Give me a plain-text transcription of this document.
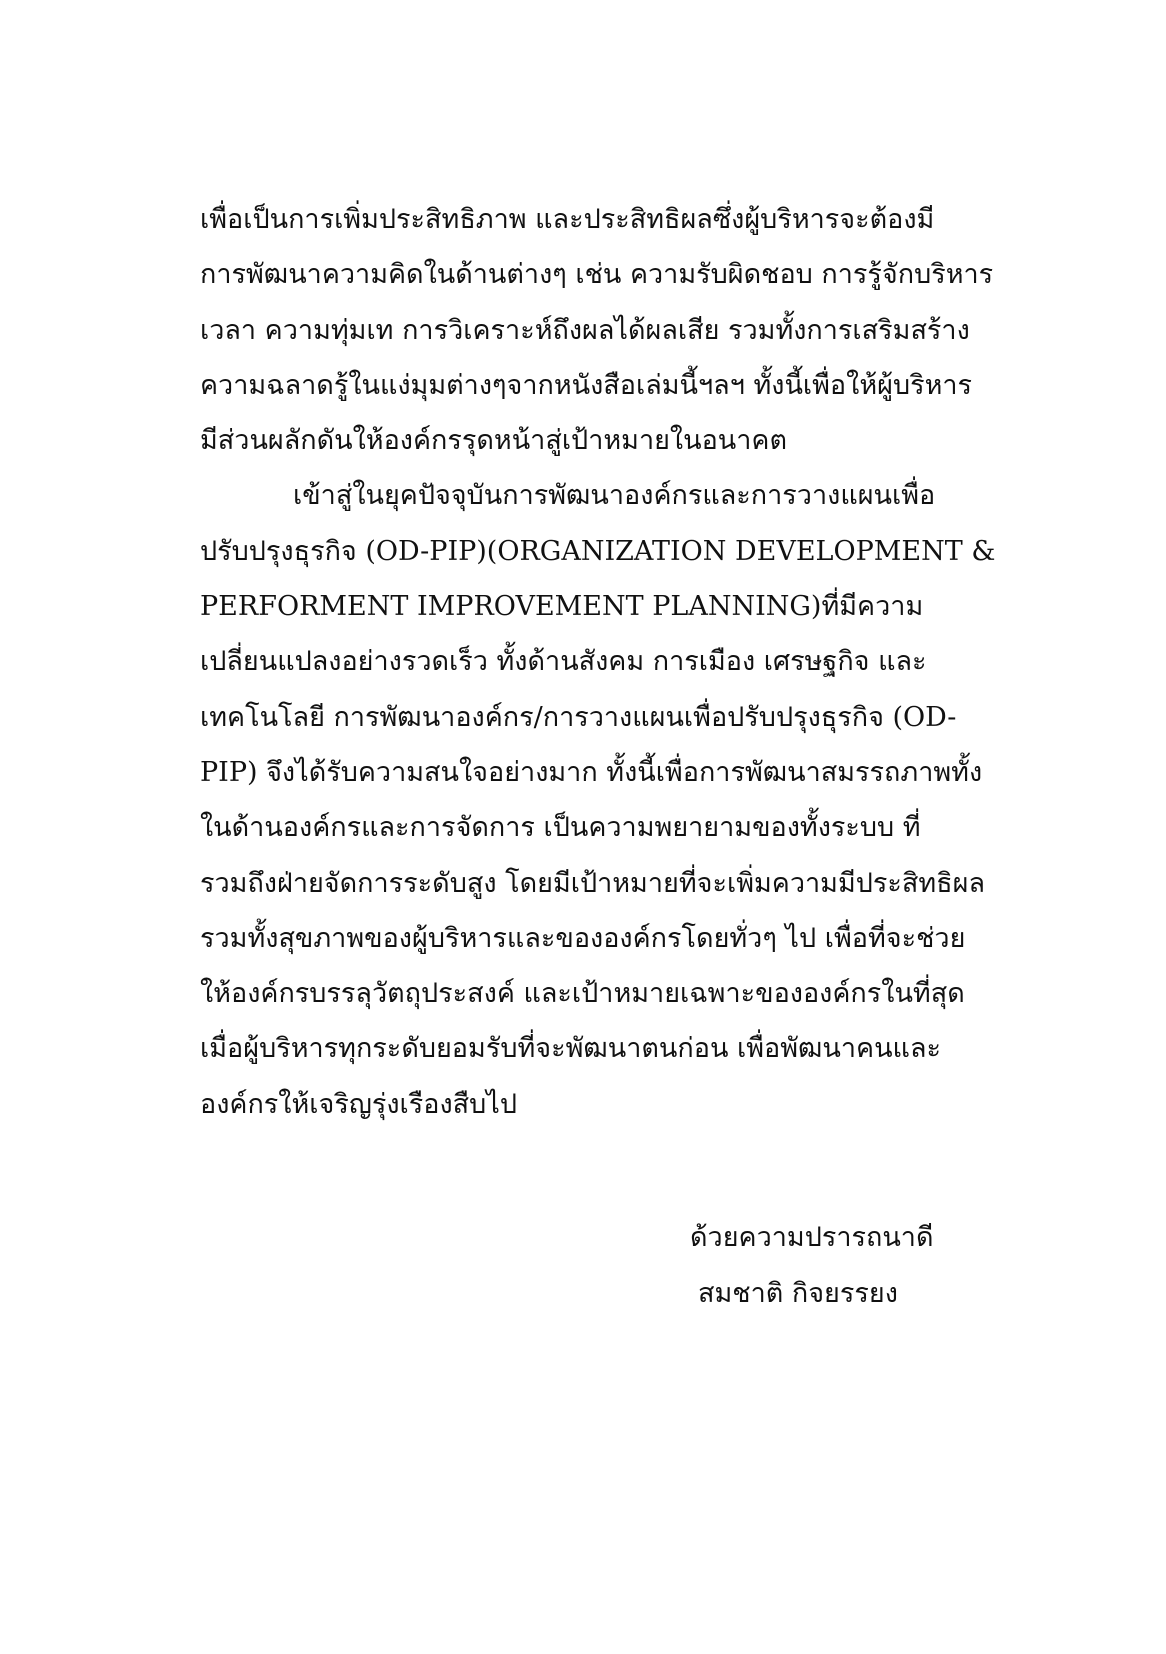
เพื่อเป็นการเพิ่มประสิทธิภาพ และประสิทธิผลซึ่งผู้บริหารจะต้องมี
การพัฒนาความคิดในด้านต่างๆ เช่น ความรับผิดชอบ การรู้จักบริหาร
เวลา ความทุ่มเท การวิเคราะห์ถึงผลได้ผลเสีย รวมทั้งการเสริมสร้าง
ความฉลาดรู้ในแง่มุมต่างๆจากหนังสือเล่มนี้ฯลฯ ทั้งนี้เพื่อให้ผู้บริหาร
มีส่วนผลักดันให้องค์กรรุดหน้าสู่เป้าหมายในอนาคต
เข้าสู่ในยุคปัจจุบันการพัฒนาองค์กรและการวางแผนเพื่อ
ปรับปรุงธุรกิจ (OD-PIP)(ORGANIZATION DEVELOPMENT &
PERFORMENT IMPROVEMENT PLANNING)ที่มีความ
เปลี่ยนแปลงอย่างรวดเร็ว ทั้งด้านสังคม การเมือง เศรษฐกิจ และ
เทคโนโลยี การพัฒนาองค์กร/การวางแผนเพื่อปรับปรุงธุรกิจ (OD-
PIP) จึงได้รับความสนใจอย่างมาก ทั้งนี้เพื่อการพัฒนาสมรรถภาพทั้ง
ในด้านองค์กรและการจัดการ เป็นความพยายามของทั้งระบบ ที่
รวมถึงฝ่ายจัดการระดับสูง โดยมีเป้าหมายที่จะเพิ่มความมีประสิทธิผล
รวมทั้งสุขภาพของผู้บริหารและขององค์กรโดยทั่วๆ ไป เพื่อที่จะช่วย
ให้องค์กรบรรลุวัตถุประสงค์ และเป้าหมายเฉพาะขององค์กรในที่สุด
เมื่อผู้บริหารทุกระดับยอมรับที่จะพัฒนาตนก่อน เพื่อพัฒนาคนและ
องค์กรให้เจริญรุ่งเรืองสืบไป
ด้วยความปรารถนาดี
สมชาติ กิจยรรยง
